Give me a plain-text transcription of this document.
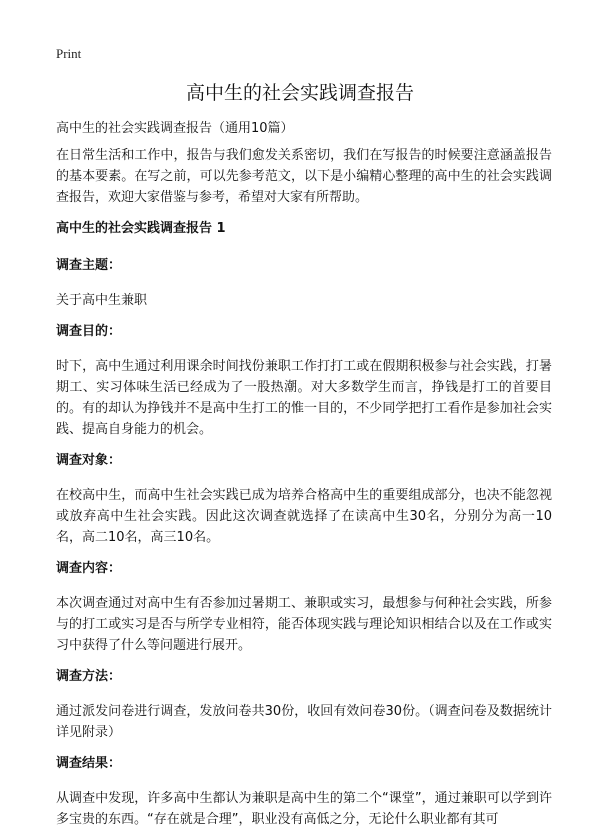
Print
高中生的社会实践调查报告

高中生的社会实践调查报告（通用10篇）

在日常生活和工作中，报告与我们愈发关系密切，我们在写报告的时候要注意涵盖报告的基本要素。在写之前，可以先参考范文，以下是小编精心整理的高中生的社会实践调查报告，欢迎大家借鉴与参考，希望对大家有所帮助。

高中生的社会实践调查报告 1

调查主题：

关于高中生兼职

调查目的：

时下，高中生通过利用课余时间找份兼职工作打打工或在假期积极参与社会实践，打暑期工、实习体味生活已经成为了一股热潮。对大多数学生而言，挣钱是打工的首要目的。有的却认为挣钱并不是高中生打工的惟一目的，不少同学把打工看作是参加社会实践、提高自身能力的机会。

调查对象：

在校高中生，而高中生社会实践已成为培养合格高中生的重要组成部分，也决不能忽视或放弃高中生社会实践。因此这次调查就选择了在读高中生30名，分别分为高一10名，高二10名，高三10名。

调查内容：

本次调查通过对高中生有否参加过暑期工、兼职或实习，最想参与何种社会实践，所参与的打工或实习是否与所学专业相符，能否体现实践与理论知识相结合以及在工作或实习中获得了什么等问题进行展开。

调查方法：

通过派发问卷进行调查，发放问卷共30份，收回有效问卷30份。（调查问卷及数据统计详见附录）

调查结果：

从调查中发现，许多高中生都认为兼职是高中生的第二个“课堂”，通过兼职可以学到许多宝贵的东西。“存在就是合理”，职业没有高低之分，无论什么职业都有其可
